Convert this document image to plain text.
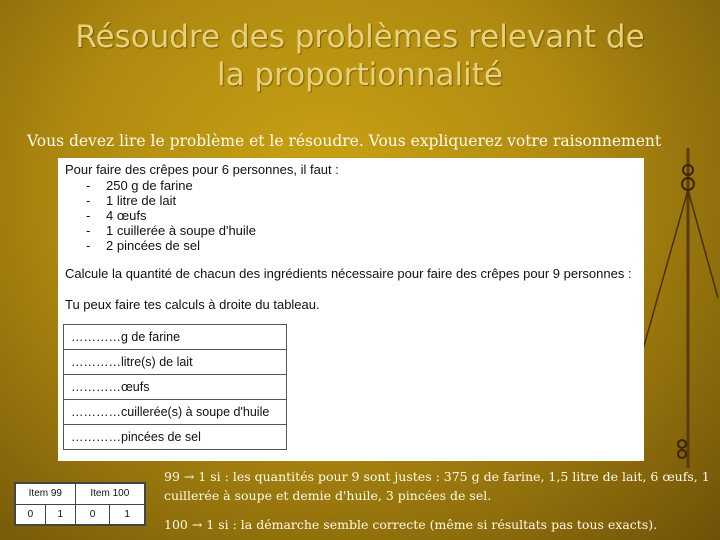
Résoudre des problèmes relevant de
la proportionnalité
Vous devez lire le problème et le résoudre. Vous expliquerez votre raisonnement
Pour faire des crêpes pour 6 personnes, il faut :
- 250 g de farine
- 1 litre de lait
- 4 œufs
- 1 cuillerée à soupe d'huile
- 2 pincées de sel
Calcule la quantité de chacun des ingrédients nécessaire pour faire des crêpes pour 9 personnes :
Tu peux faire tes calculs à droite du tableau.
…………g de farine
…………litre(s) de lait
…………œufs
…………cuillerée(s) à soupe d'huile
…………pincées de sel
Item 99		Item 100	
0	1	0	1
99 → 1 si : les quantités pour 9 sont justes : 375 g de farine, 1,5 litre de lait, 6 œufs, 1 cuillerée à soupe et demie d'huile, 3 pincées de sel.
100 → 1 si : la démarche semble correcte (même si résultats pas tous exacts).
